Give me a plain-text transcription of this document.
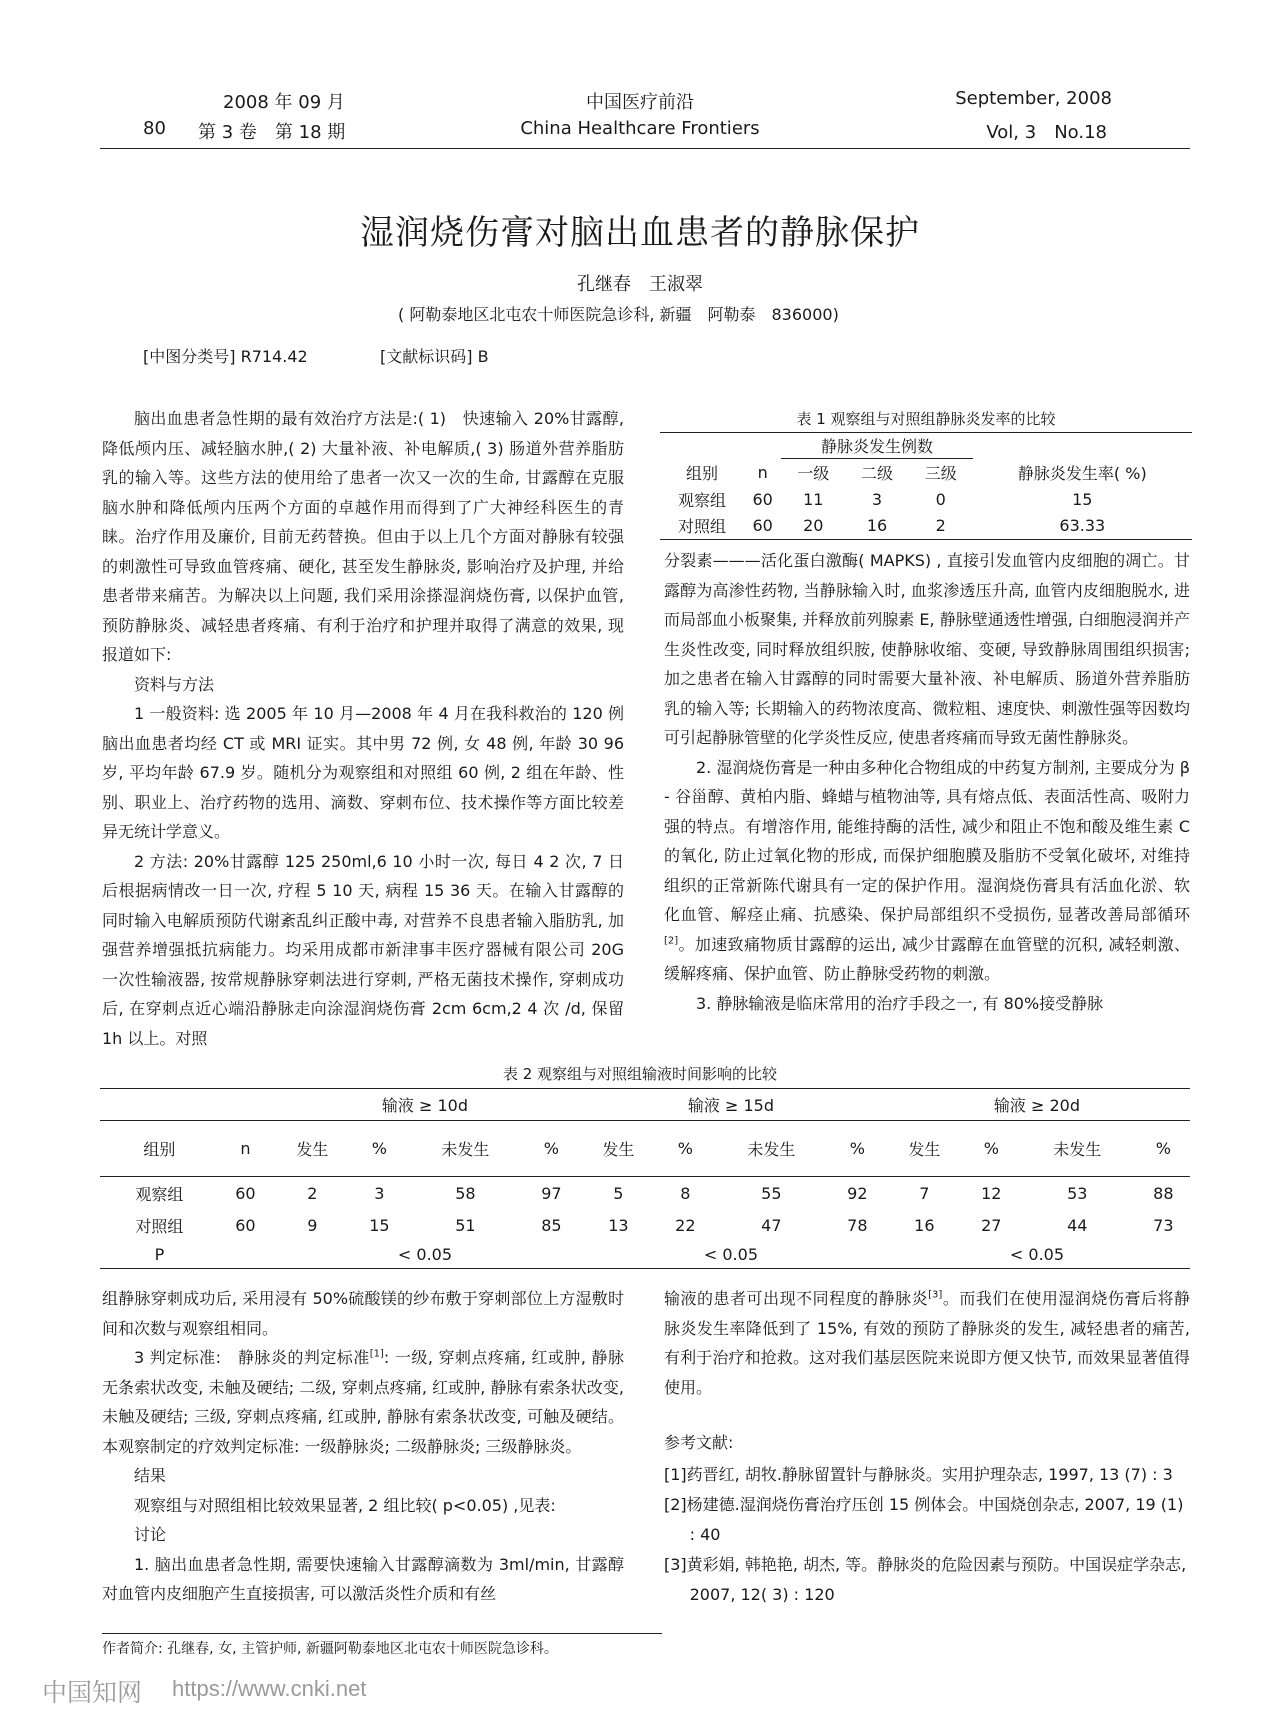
2008 年 09 月
80 第 3 卷　第 18 期
中国医疗前沿
China Healthcare Frontiers
September, 2008
Vol, 3　No.18
湿润烧伤膏对脑出血患者的静脉保护
孔继春　王淑翠
( 阿勒泰地区北屯农十师医院急诊科, 新疆　阿勒泰　836000)
[中图分类号] R714.42	[文献标识码] B

脑出血患者急性期的最有效治疗方法是:( 1)　快速输入 20%甘露醇, 降低颅内压、减轻脑水肿,( 2) 大量补液、补电解质,( 3) 肠道外营养脂肪乳的输入等。这些方法的使用给了患者一次又一次的生命, 甘露醇在克服脑水肿和降低颅内压两个方面的卓越作用而得到了广大神经科医生的青睐。治疗作用及廉价, 目前无药替换。但由于以上几个方面对静脉有较强的刺激性可导致血管疼痛、硬化, 甚至发生静脉炎, 影响治疗及护理, 并给患者带来痛苦。为解决以上问题, 我们采用涂搽湿润烧伤膏, 以保护血管, 预防静脉炎、减轻患者疼痛、有利于治疗和护理并取得了满意的效果, 现报道如下:

资料与方法

1 一般资料: 选 2005 年 10 月—2008 年 4 月在我科救治的 120 例脑出血患者均经 CT 或 MRI 证实。其中男 72 例, 女 48 例, 年龄 30 96 岁, 平均年龄 67.9 岁。随机分为观察组和对照组 60 例, 2 组在年龄、性别、职业上、治疗药物的选用、滴数、穿刺布位、技术操作等方面比较差异无统计学意义。

2 方法: 20%甘露醇 125 250ml,6 10 小时一次, 每日 4 2 次, 7 日后根据病情改一日一次, 疗程 5 10 天, 病程 15 36 天。在输入甘露醇的同时输入电解质预防代谢紊乱纠正酸中毒, 对营养不良患者输入脂肪乳, 加强营养增强抵抗病能力。均采用成都市新津事丰医疗器械有限公司 20G 一次性输液器, 按常规静脉穿刺法进行穿刺, 严格无菌技术操作, 穿刺成功后, 在穿刺点近心端沿静脉走向涂湿润烧伤膏 2cm 6cm,2 4 次 /d, 保留 1h 以上。对照

表 1 观察组与对照组静脉炎发率的比较
		静脉炎发生例数			
组别	n	一级	二级	三级	静脉炎发生率( %)
观察组	60	11	3	0	15
对照组	60	20	16	2	63.33

分裂素———活化蛋白激酶( MAPKS) , 直接引发血管内皮细胞的凋亡。甘露醇为高渗性药物, 当静脉输入时, 血浆渗透压升高, 血管内皮细胞脱水, 进而局部血小板聚集, 并释放前列腺素 E, 静脉壁通透性增强, 白细胞浸润并产生炎性改变, 同时释放组织胺, 使静脉收缩、变硬, 导致静脉周围组织损害; 加之患者在输入甘露醇的同时需要大量补液、补电解质、肠道外营养脂肪乳的输入等; 长期输入的药物浓度高、微粒粗、速度快、刺激性强等因数均可引起静脉管壁的化学炎性反应, 使患者疼痛而导致无菌性静脉炎。

2. 湿润烧伤膏是一种由多种化合物组成的中药复方制剂, 主要成分为 β - 谷甾醇、黄柏内脂、蜂蜡与植物油等, 具有熔点低、表面活性高、吸附力强的特点。有增溶作用, 能维持酶的活性, 减少和阻止不饱和酸及维生素 C 的氧化, 防止过氧化物的形成, 而保护细胞膜及脂肪不受氧化破坏, 对维持组织的正常新陈代谢具有一定的保护作用。湿润烧伤膏具有活血化淤、软化血管、解痉止痛、抗感染、保护局部组织不受损伤, 显著改善局部循环[2]。加速致痛物质甘露醇的运出, 减少甘露醇在血管壁的沉积, 减轻刺激、缓解疼痛、保护血管、防止静脉受药物的刺激。

3. 静脉输液是临床常用的治疗手段之一, 有 80%接受静脉

表 2 观察组与对照组输液时间影响的比较
		输液 ≥ 10d				输液 ≥ 15d				输液 ≥ 20d			
组别	n	发生	%	未发生	%	发生	%	未发生	%	发生	%	未发生	%
观察组	60	2	3	58	97	5	8	55	92	7	12	53	88
对照组	60	9	15	51	85	13	22	47	78	16	27	44	73
P		< 0.05				< 0.05				< 0.05			

组静脉穿刺成功后, 采用浸有 50%硫酸镁的纱布敷于穿刺部位上方湿敷时间和次数与观察组相同。

3 判定标准:　静脉炎的判定标准[1]: 一级, 穿刺点疼痛, 红或肿, 静脉无条索状改变, 未触及硬结; 二级, 穿刺点疼痛, 红或肿, 静脉有索条状改变, 未触及硬结; 三级, 穿刺点疼痛, 红或肿, 静脉有索条状改变, 可触及硬结。本观察制定的疗效判定标准: 一级静脉炎; 二级静脉炎; 三级静脉炎。

结果

观察组与对照组相比较效果显著, 2 组比较( p<0.05) ,见表:

讨论

1. 脑出血患者急性期, 需要快速输入甘露醇滴数为 3ml/min, 甘露醇对血管内皮细胞产生直接损害, 可以激活炎性介质和有丝

作者简介: 孔继春, 女, 主管护师, 新疆阿勒泰地区北屯农十师医院急诊科。

输液的患者可出现不同程度的静脉炎[3]。而我们在使用湿润烧伤膏后将静脉炎发生率降低到了 15%, 有效的预防了静脉炎的发生, 减轻患者的痛苦, 有利于治疗和抢救。这对我们基层医院来说即方便又快节, 而效果显著值得使用。

参考文献:

[1]药晋红, 胡牧.静脉留置针与静脉炎。实用护理杂志, 1997, 13 (7) : 3

[2]杨建德.湿润烧伤膏治疗压创 15 例体会。中国烧创杂志, 2007, 19 (1) : 40

[3]黄彩娟, 韩艳艳, 胡杰, 等。静脉炎的危险因素与预防。中国误症学杂志, 2007, 12( 3) : 120

中国知网 https://www.cnki.net
